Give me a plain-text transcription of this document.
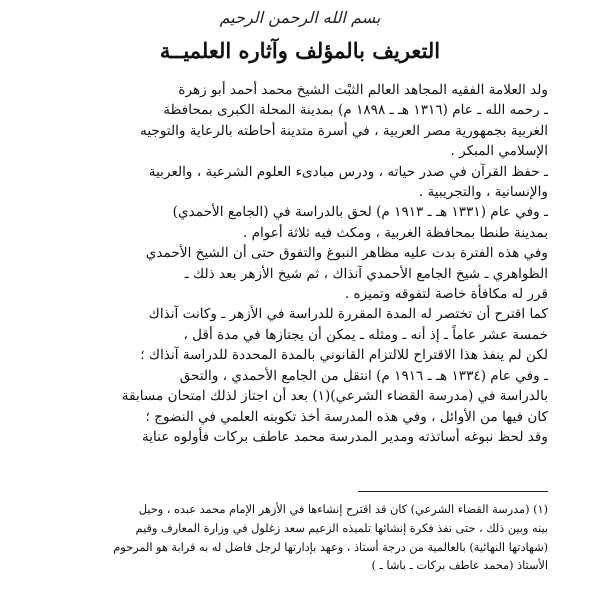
بسم الله الرحمن الرحيم
التعريف بالمؤلف وآثاره العلميــة
ولد العلامة الفقيه المجاهد العالم الثبْت الشيخ محمد أحمد أبو زهرة
ـ رحمه الله ـ عام (١٣١٦ هـ ـ ١٨٩٨ م) بمدينة المحلة الكبرى بمحافظة
الغربية بجمهورية مصر العربية ، في أسرة متدينة أحاطته بالرعاية والتوجيه
الإسلامي المبكر .
ـ حفظ القرآن في صدر حياته ، ودرس مبادىء العلوم الشرعية ، والعربية
والإنسانية ، والتجريبية .
ـ وفي عام (١٣٣١ هـ ـ ١٩١٣ م) لحق بالدراسة في (الجامع الأحمدي)
بمدينة طنطا بمحافظة الغربية ، ومكث فيه ثلاثة أعوام .
وفي هذه الفترة بدت عليه مظاهر النبوغ والتفوق حتى أن الشيخ الأحمدي
الظواهري ـ شيخ الجامع الأحمدي آنذاك ، ثم شيخ الأزهر بعد ذلك ـ
قرر له مكافأة خاصة لتفوقه وتميزه .
كما اقترح أن تختصر له المدة المقررة للدراسة في الأزهر ـ وكانت آنذاك
خمسة عشر عاماً ـ إذ أنه ـ ومثله ـ يمكن أن يجتازها في مدة أقل ،
لكن لم ينفذ هذا الاقتراح للالتزام القانوني بالمدة المحددة للدراسة آنذاك ؛
ـ وفي عام (١٣٣٤ هـ ـ ١٩١٦ م) انتقل من الجامع الأحمدي ، والتحق
بالدراسة في (مدرسة القضاء الشرعي)(١) بعد أن اجتاز لذلك امتحان مسابقة
كان فيها من الأوائل ، وفي هذه المدرسة أخذ تكوينه العلمي في النضوج ؛
وقد لحظ نبوغه أساتذته ومدير المدرسة محمد عاطف بركات فأولوه عناية
(١) (مدرسة القضاء الشرعي) كان قد اقترح إنشاءها في الأزهر الإمام محمد عبده ، وحيل
بينه وبين ذلك ، حتى نفذ فكرة إنشائها تلميذه الزعيم سعد زغلول في وزارة المعارف وقيم
(شهادتها النهائية) بالعالمية من درجة أستاذ ، وعهد بإدارتها لرجل فاضل له به قرابة هو المرحوم
الأستاذ (محمد عاطف بركات ـ باشا ـ )
